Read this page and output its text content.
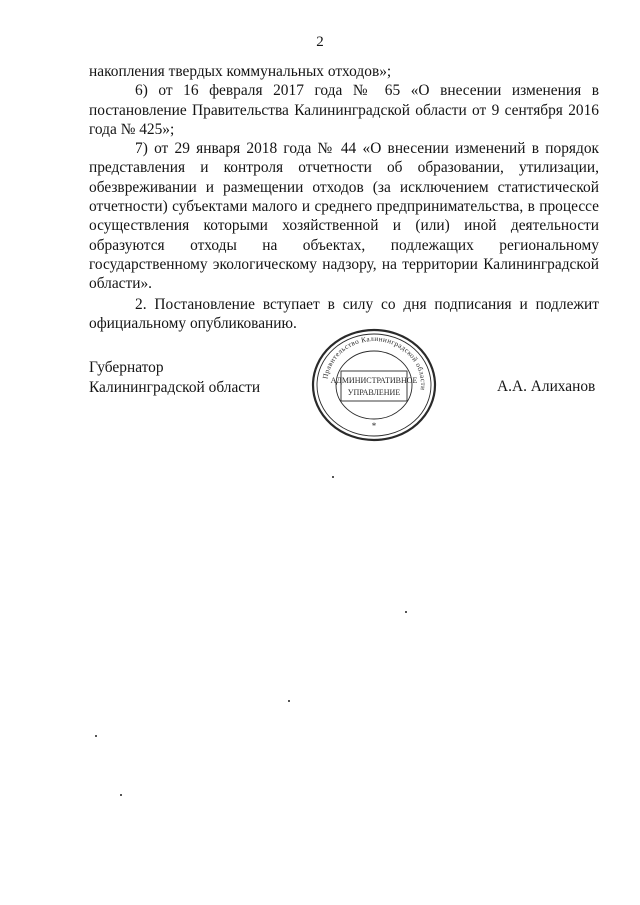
2

накопления твердых коммунальных отходов»;

6) от 16 февраля 2017 года № 65 «О внесении изменения в постановление Правительства Калининградской области от 9 сентября 2016 года № 425»;

7) от 29 января 2018 года № 44 «О внесении изменений в порядок представления и контроля отчетности об образовании, утилизации, обезвреживании и размещении отходов (за исключением статистической отчетности) субъектами малого и среднего предпринимательства, в процессе осуществления которыми хозяйственной и (или) иной деятельности образуются отходы на объектах, подлежащих региональному государственному экологическому надзору, на территории Калининградской области».

2. Постановление вступает в силу со дня подписания и подлежит официальному опубликованию.

Губернатор
Калининградской области	А.А. Алиханов
Правительство Калининградской области
АДМИНИСТРАТИВНОЕ
УПРАВЛЕНИЕ
*
